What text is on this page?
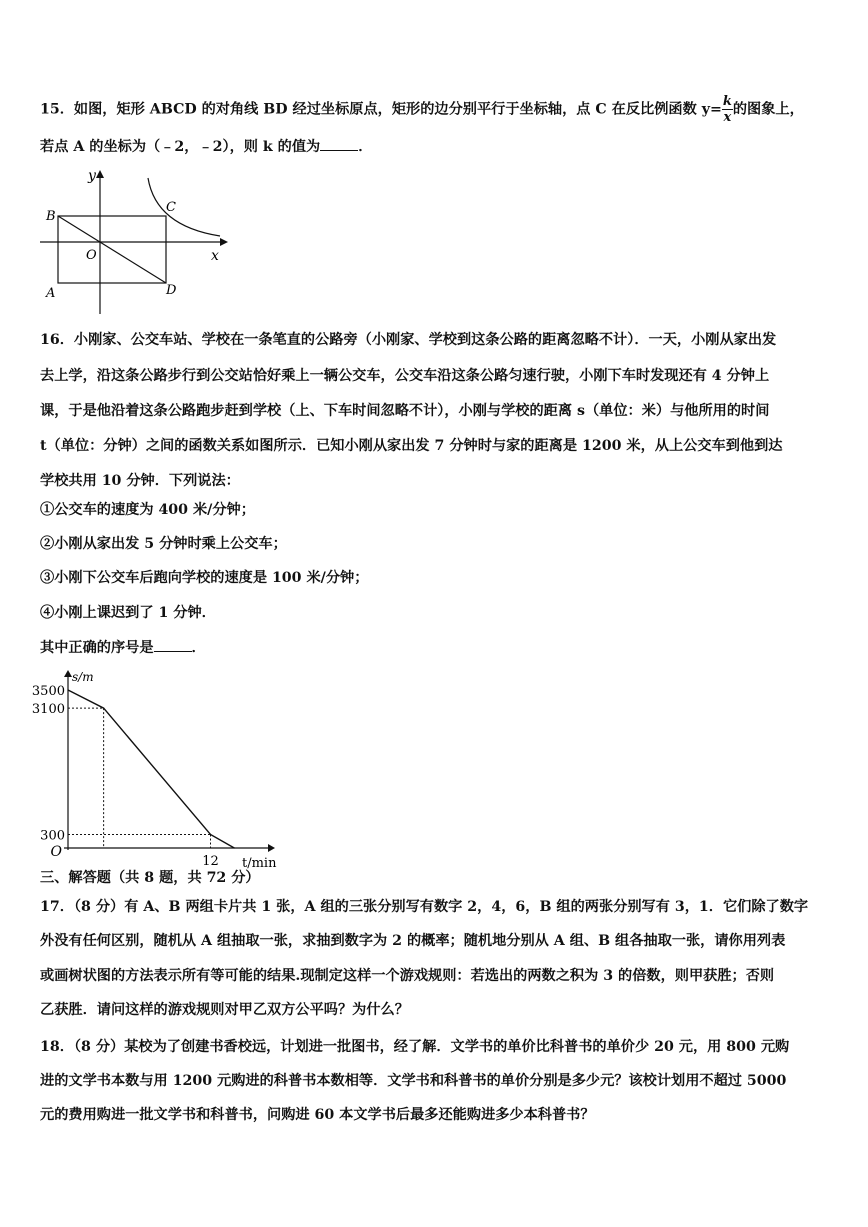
15．如图，矩形 ABCD 的对角线 BD 经过坐标原点，矩形的边分别平行于坐标轴，点 C 在反比例函数 $y= \frac{k}{x}$ 的图象上，
若点 A 的坐标为（﹣2，﹣2），则 k 的值为	．
y
x
O
B
C
A	D
16．小刚家、公交车站、学校在一条笔直的公路旁（小刚家、学校到这条公路的距离忽略不计）．一天，小刚从家出发
去上学，沿这条公路步行到公交站恰好乘上一辆公交车，公交车沿这条公路匀速行驶，小刚下车时发现还有 4 分钟上
课，于是他沿着这条公路跑步赶到学校（上、下车时间忽略不计），小刚与学校的距离 s（单位：米）与他所用的时间
t（单位：分钟）之间的函数关系如图所示．已知小刚从家出发 7 分钟时与家的距离是 1200 米，从上公交车到他到达
学校共用 10 分钟．下列说法：
①公交车的速度为 400 米/分钟；
②小刚从家出发 5 分钟时乘上公交车；
③小刚下公交车后跑向学校的速度是 100 米/分钟；
④小刚上课迟到了 1 分钟．
其中正确的序号是	．
300
3100
3500
12
O
s/m
t/min
三、解答题（共 8 题，共 72 分）
17．（8 分）有 A、B 两组卡片共 1 张，A 组的三张分别写有数字 2，4，6，B 组的两张分别写有 3，1．它们除了数字
外没有任何区别，随机从 A 组抽取一张，求抽到数字为 2 的概率；随机地分别从 A 组、B 组各抽取一张，请你用列表
或画树状图的方法表示所有等可能的结果.现制定这样一个游戏规则：若选出的两数之积为 3 的倍数，则甲获胜；否则
乙获胜．请问这样的游戏规则对甲乙双方公平吗？为什么？
18．（8 分）某校为了创建书香校远，计划进一批图书，经了解．文学书的单价比科普书的单价少 20 元，用 800 元购
进的文学书本数与用 1200 元购进的科普书本数相等．文学书和科普书的单价分别是多少元？该校计划用不超过 5000
元的费用购进一批文学书和科普书，问购进 60 本文学书后最多还能购进多少本科普书？
